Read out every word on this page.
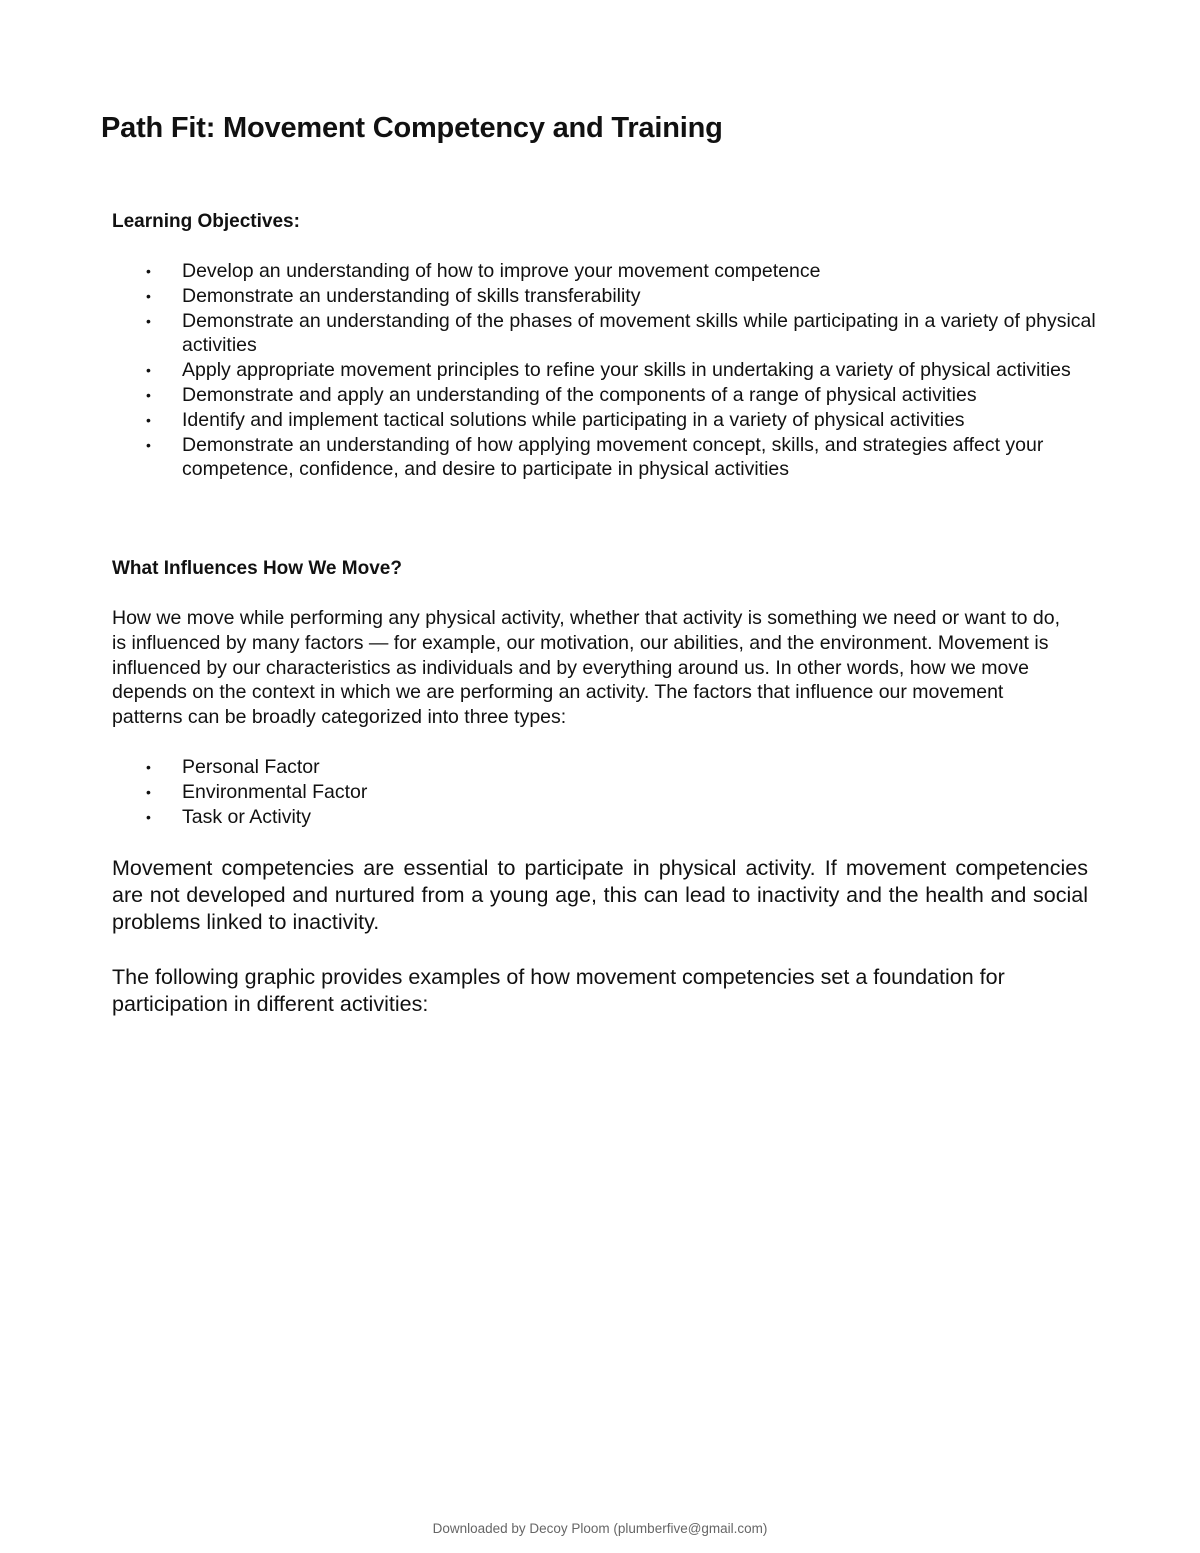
Path Fit: Movement Competency and Training
Learning Objectives:
• Develop an understanding of how to improve your movement competence
• Demonstrate an understanding of skills transferability
• Demonstrate an understanding of the phases of movement skills while participating in a variety of physical activities
• Apply appropriate movement principles to refine your skills in undertaking a variety of physical activities
• Demonstrate and apply an understanding of the components of a range of physical activities
• Identify and implement tactical solutions while participating in a variety of physical activities
• Demonstrate an understanding of how applying movement concept, skills, and strategies affect your competence, confidence, and desire to participate in physical activities
What Influences How We Move?

How we move while performing any physical activity, whether that activity is something we need or want to do, is influenced by many factors — for example, our motivation, our abilities, and the environment. Movement is influenced by our characteristics as individuals and by everything around us. In other words, how we move depends on the context in which we are performing an activity. The factors that influence our movement patterns can be broadly categorized into three types:

• Personal Factor
• Environmental Factor
• Task or Activity

Movement competencies are essential to participate in physical activity. If movement competencies are not developed and nurtured from a young age, this can lead to inactivity and the health and social problems linked to inactivity.

The following graphic provides examples of how movement competencies set a foundation for participation in different activities:

Downloaded by Decoy Ploom (plumberfive@gmail.com)
